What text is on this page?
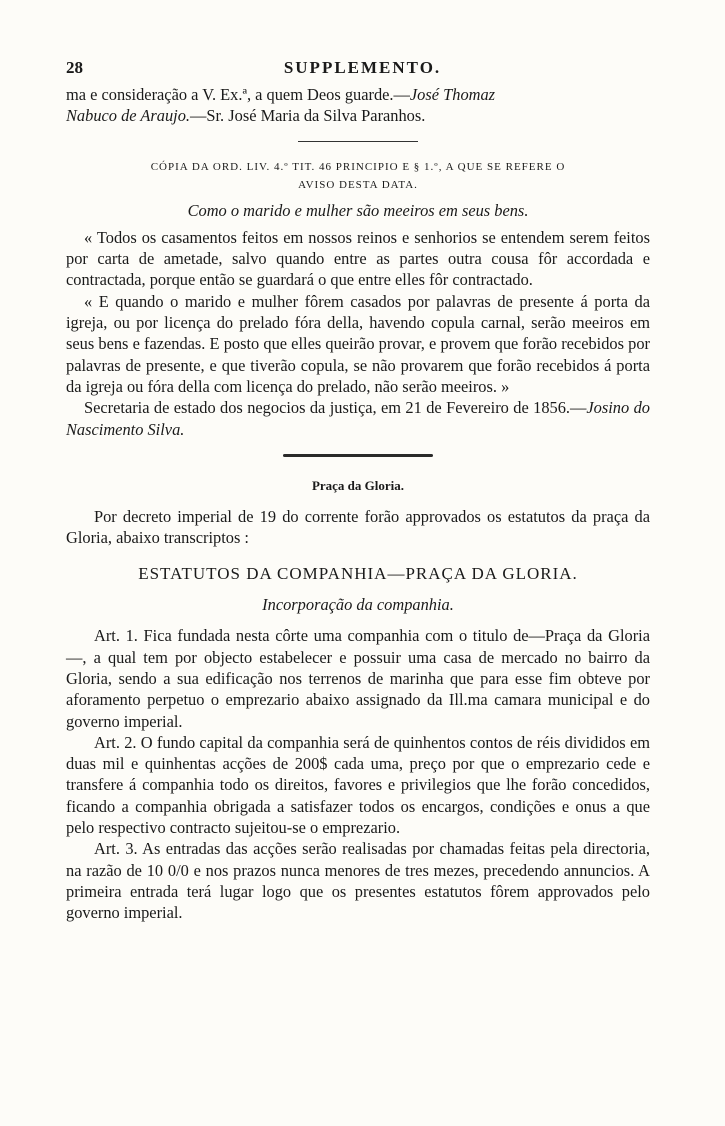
28	SUPPLEMENTO.

ma e consideração a V. Ex.ª, a quem Deos guarde.—José Thomaz
Nabuco de Araujo.—Sr. José Maria da Silva Paranhos.

CÓPIA DA ORD. LIV. 4.º TIT. 46 PRINCIPIO E § 1.º, A QUE SE REFERE O
AVISO DESTA DATA.

Como o marido e mulher são meeiros em seus bens.

« Todos os casamentos feitos em nossos reinos e senhorios se entendem serem feitos por carta de ametade, salvo quando entre as partes outra cousa fôr accordada e contractada, porque então se guardará o que entre elles fôr contractado.

« E quando o marido e mulher fôrem casados por palavras de presente á porta da igreja, ou por licença do prelado fóra della, havendo copula carnal, serão meeiros em seus bens e fazendas. E posto que elles queirão provar, e provem que forão recebidos por palavras de presente, e que tiverão copula, se não provarem que forão recebidos á porta da igreja ou fóra della com licença do prelado, não serão meeiros. »

Secretaria de estado dos negocios da justiça, em 21 de Fevereiro de 1856.—Josino do Nascimento Silva.

Praça da Gloria.

Por decreto imperial de 19 do corrente forão approvados os estatutos da praça da Gloria, abaixo transcriptos :

ESTATUTOS DA COMPANHIA—PRAÇA DA GLORIA.

Incorporação da companhia.

Art. 1. Fica fundada nesta côrte uma companhia com o titulo de—Praça da Gloria—, a qual tem por objecto estabelecer e possuir uma casa de mercado no bairro da Gloria, sendo a sua edificação nos terrenos de marinha que para esse fim obteve por aforamento perpetuo o emprezario abaixo assignado da Ill.ma camara municipal e do governo imperial.

Art. 2. O fundo capital da companhia será de quinhentos contos de réis divididos em duas mil e quinhentas acções de 200$ cada uma, preço por que o emprezario cede e transfere á companhia todo os direitos, favores e privilegios que lhe forão concedidos, ficando a companhia obrigada a satisfazer todos os encargos, condições e onus a que pelo respectivo contracto sujeitou-se o emprezario.

Art. 3. As entradas das acções serão realisadas por chamadas feitas pela directoria, na razão de 10 0/0 e nos prazos nunca menores de tres mezes, precedendo annuncios. A primeira entrada terá lugar logo que os presentes estatutos fôrem approvados pelo governo imperial.
